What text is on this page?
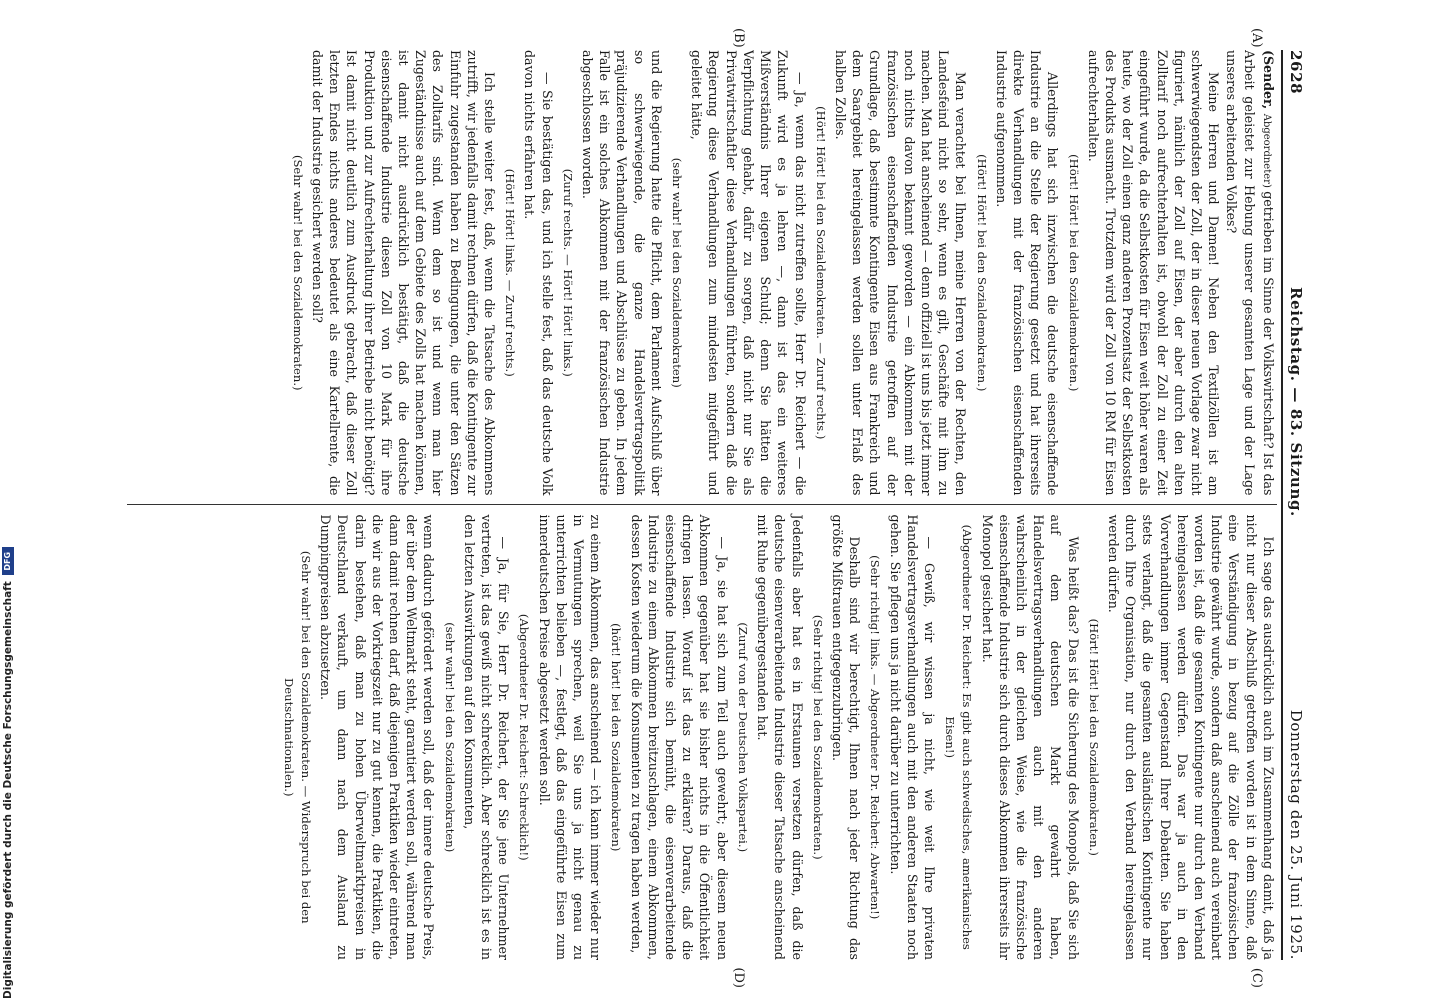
2628
Reichstag. — 83. Sitzung.
Donnerstag den 25. Juni 1925.
(A)
(B)
(C)
(D)

(Sender, Abgeordneter) getrieben im Sinne der Volkswirtschaft? Ist das Arbeit geleistet zur Hebung unserer gesamten Lage und der Lage unseres arbeitenden Volkes?

Meine Herren und Damen! Neben den Textilzöllen ist am schwerwiegendsten der Zoll, der in dieser neuen Vorlage zwar nicht figuriert, nämlich der Zoll auf Eisen, der aber durch den alten Zolltarif noch aufrechterhalten ist, obwohl der Zoll zu einer Zeit eingeführt wurde, da die Selbstkosten für Eisen weit höher waren als heute, wo der Zoll einen ganz anderen Prozentsatz der Selbstkosten des Produkts ausmacht. Trotzdem wird der Zoll von 10 RM für Eisen aufrechterhalten.

(Hört! Hört! bei den Sozialdemokraten.)

Allerdings hat sich inzwischen die deutsche eisenschaffende Industrie an die Stelle der Regierung gesetzt und hat ihrerseits direkte Verhandlungen mit der französischen eisenschaffenden Industrie aufgenommen.

(Hört! Hört! bei den Sozialdemokraten.)

Man verachtet bei Ihnen, meine Herren von der Rechten, den Landesfeind nicht so sehr, wenn es gilt, Geschäfte mit ihm zu machen. Man hat anscheinend — denn offiziell ist uns bis jetzt immer noch nichts davon bekannt geworden — ein Abkommen mit der französischen eisenschaffenden Industrie getroffen auf der Grundlage, daß bestimmte Kontingente Eisen aus Frankreich und dem Saargebiet hereingelassen werden sollen unter Erlaß des halben Zolles.

(Hört! Hört! bei den Sozialdemokraten. — Zuruf rechts.)

— Ja, wenn das nicht zutreffen sollte, Herr Dr. Reichert — die Zukunft wird es ja lehren —, dann ist das ein weiteres Mißverständnis Ihrer eigenen Schuld; denn Sie hätten die Verpflichtung gehabt, dafür zu sorgen, daß nicht nur Sie als Privatwirtschaftler diese Verhandlungen führten, sondern daß die Regierung diese Verhandlungen zum mindesten mitgeführt und geleitet hätte,

(sehr wahr! bei den Sozialdemokraten)

und die Regierung hatte die Pflicht, dem Parlament Aufschluß über so schwerwiegende, die ganze Handelsvertragspolitik präjudizierende Verhandlungen und Abschlüsse zu geben. In jedem Falle ist ein solches Abkommen mit der französischen Industrie abgeschlossen worden.

(Zuruf rechts. — Hört! Hört! links.)

— Sie bestätigen das, und ich stelle fest, daß das deutsche Volk davon nichts erfahren hat.

(Hört! Hört! links. — Zuruf rechts.)

Ich stelle weiter fest, daß, wenn die Tatsache des Abkommens zutrifft, wir jedenfalls damit rechnen dürfen, daß die Kontingente zur Einfuhr zugestanden haben zu Bedingungen, die unter den Sätzen des Zolltarifs sind. Wenn dem so ist und wenn man hier Zugeständnisse auch auf dem Gebiete des Zolls hat machen können, ist damit nicht ausdrücklich bestätigt, daß die deutsche eisenschaffende Industrie diesen Zoll von 10 Mark für ihre Produktion und zur Aufrechterhaltung ihrer Betriebe nicht benötigt? Ist damit nicht deutlich zum Ausdruck gebracht, daß dieser Zoll letzten Endes nichts anderes bedeutet als eine Kartellrente, die damit der Industrie gesichert werden soll?

(Sehr wahr! bei den Sozialdemokraten.)

Ich sage das ausdrücklich auch im Zusammenhang damit, daß ja nicht nur dieser Abschluß getroffen worden ist in dem Sinne, daß eine Verständigung in bezug auf die Zölle der französischen Industrie gewährt wurde, sondern daß anscheinend auch vereinbart worden ist, daß die gesamten Kontingente nur durch den Verband hereingelassen werden dürfen. Das war ja auch in den Vorverhandlungen immer Gegenstand Ihrer Debatten. Sie haben stets verlangt, daß die gesamten ausländischen Kontingente nur durch Ihre Organisation, nur durch den Verband hereingelassen werden dürfen.

(Hört! Hört! bei den Sozialdemokraten.)

Was heißt das? Das ist die Sicherung des Monopols, daß Sie sich auf dem deutschen Markt gewahrt haben, Handelsvertragsverhandlungen auch mit den anderen wahrscheinlich in der gleichen Weise, wie die französische eisenschaffende Industrie sich durch dieses Abkommen ihrerseits ihr Monopol gesichert hat.

(Abgeordneter Dr. Reichert: Es gibt auch schwedisches, amerikanisches Eisen!)

— Gewiß, wir wissen ja nicht, wie weit Ihre privaten Handelsvertragsverhandlungen auch mit den anderen Staaten noch gehen. Sie pflegen uns ja nicht darüber zu unterrichten.

(Sehr richtig! links. — Abgeordneter Dr. Reichert: Abwarten!)

Deshalb sind wir berechtigt, Ihnen nach jeder Richtung das größte Mißtrauen entgegenzubringen.

(Sehr richtig! bei den Sozialdemokraten.)

Jedenfalls aber hat es in Erstaunen versetzen dürfen, daß die deutsche eisenverarbeitende Industrie dieser Tatsache anscheinend mit Ruhe gegenübergestanden hat.

(Zuruf von der Deutschen Volkspartei.)

— Ja, sie hat sich zum Teil auch gewehrt; aber diesem neuen Abkommen gegenüber hat sie bisher nichts in die Öffentlichkeit dringen lassen. Worauf ist das zu erklären? Daraus, daß die eisenschaffende Industrie sich bemüht, die eisenverarbeitende Industrie zu einem Abkommen breitzuschlagen, einem Abkommen, dessen Kosten wiederum die Konsumenten zu tragen haben werden,

(hört! hört! bei den Sozialdemokraten)

zu einem Abkommen, das anscheinend — ich kann immer wieder nur in Vermutungen sprechen, weil Sie uns ja nicht genau zu unterrichten belieben —, festlegt, daß das eingeführte Eisen zum innerdeutschen Preise abgesetzt werden soll.

(Abgeordneter Dr. Reichert: Schrecklich!)

— Ja, für Sie, Herr Dr. Reichert, der Sie jene Unternehmer vertreten, ist das gewiß nicht schrecklich. Aber schrecklich ist es in den letzten Auswirkungen auf den Konsumenten,

(sehr wahr! bei den Sozialdemokraten)

wenn dadurch gefördert werden soll, daß der innere deutsche Preis, der über dem Weltmarkt steht, garantiert werden soll, während man dann damit rechnen darf, daß diejenigen Praktiken wieder eintreten, die wir aus der Vorkriegszeit nur zu gut kennen, die Praktiken, die darin bestehen, daß man zu hohen Überweltmarktpreisen in Deutschland verkauft, um dann nach dem Ausland zu Dumpingpreisen abzusetzen.

(Sehr wahr! bei den Sozialdemokraten. — Widerspruch bei den Deutschnationalen.)

Digitalisierung gefördert durch die Deutsche Forschungsgemeinschaft
DFG
